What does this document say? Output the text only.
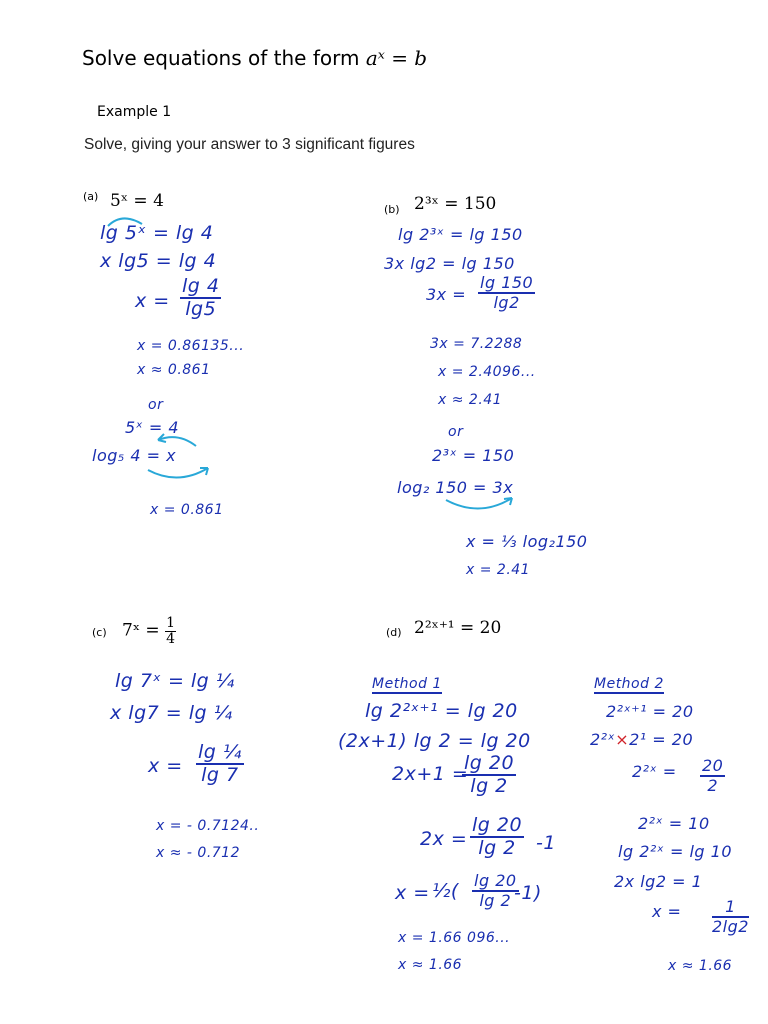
Solve equations of the form aˣ = b
Example 1
Solve, giving your answer to 3 significant figures
(a) 5ˣ = 4
lg 5ˣ = lg 4
x lg5 = lg 4
$x = \frac{\lg 4}{\lg 5}$
x = 0.86135...
x ≈ 0.861
or
5ˣ = 4
log₅ 4 = x
x = 0.861
(b) 2³ˣ = 150
lg 2³ˣ = lg 150
3x lg2 = lg 150
$3x = \frac{\lg 150}{\lg 2}$
3x = 7.2288
x = 2.4096...
x ≈ 2.41
or
2³ˣ = 150
log₂ 150 = 3x
x = ⅓ log₂150
x = 2.41
(c) 7ˣ = $\frac{1}{4}$
lg 7ˣ = lg ¼
x lg7 = lg ¼
$x = \frac{\text{lg ¼}}{\lg 7}$
x = - 0.7124..
x ≈ - 0.712
(d) 2²ˣ⁺¹ = 20
Method 1
lg 2²ˣ⁺¹ = lg 20
(2x+1) lg 2 = lg 20
2x+1 =
$\frac{\lg 20}{\lg 2}$
$2x = \frac{\lg 20}{\lg 2} -1$
x = ½( $\frac{\lg 20}{\lg 2}$
-1)
x = 1.66 096...
x ≈ 1.66
Method 2
2²ˣ⁺¹ = 20
2²ˣ×2¹ = 20
2²ˣ = $\frac{20}{2}$
2²ˣ = 10
lg 2²ˣ = lg 10
2x lg2 = 1
$x = \frac{1}{2\lg 2}$
x ≈ 1.66
